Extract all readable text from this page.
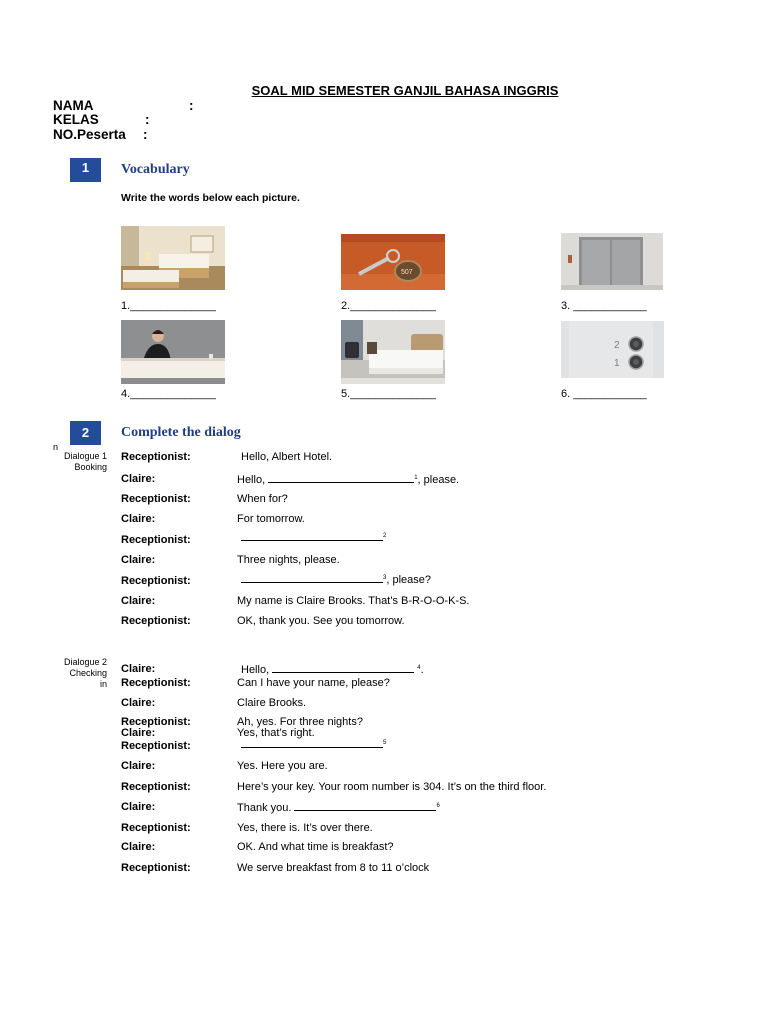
SOAL MID SEMESTER GANJIL BAHASA INGGRIS
NAMA	:
KELAS	:
NO.Peserta :
1	Vocabulary
Write the words below each picture.
1.______________
507
2.______________	3. ____________
4.______________	5.______________
2
1
6. ____________
n
2	Complete the dialog
Dialogue 1
Booking
Receptionist:	Hello, Albert Hotel.
Claire:	Hello,	$^1$, please.
Receptionist:	When for?
Claire:	For tomorrow.
Receptionist:	$^2$
Claire:	Three nights, please.
Receptionist:	$^3$, please?
Claire:	My name is Claire Brooks. That’s B-R-O-O-K-S.
Receptionist:	OK, thank you. See you tomorrow.
Dialogue 2
Checking
in
Claire:	Hello,	$^4$.
Receptionist:	Can I have your name, please?
Claire:	Claire Brooks.
Receptionist:	Ah, yes. For three nights?
Claire:	Yes, that’s right.
Receptionist:	$^5$
Claire:	Yes. Here you are.
Receptionist:	Here’s your key. Your room number is 304. It’s on the third floor.
Claire:	Thank you.	$^6$
Receptionist:	Yes, there is. It’s over there.
Claire:	OK. And what time is breakfast?
Receptionist:	We serve breakfast from 8 to 11 o’clock
